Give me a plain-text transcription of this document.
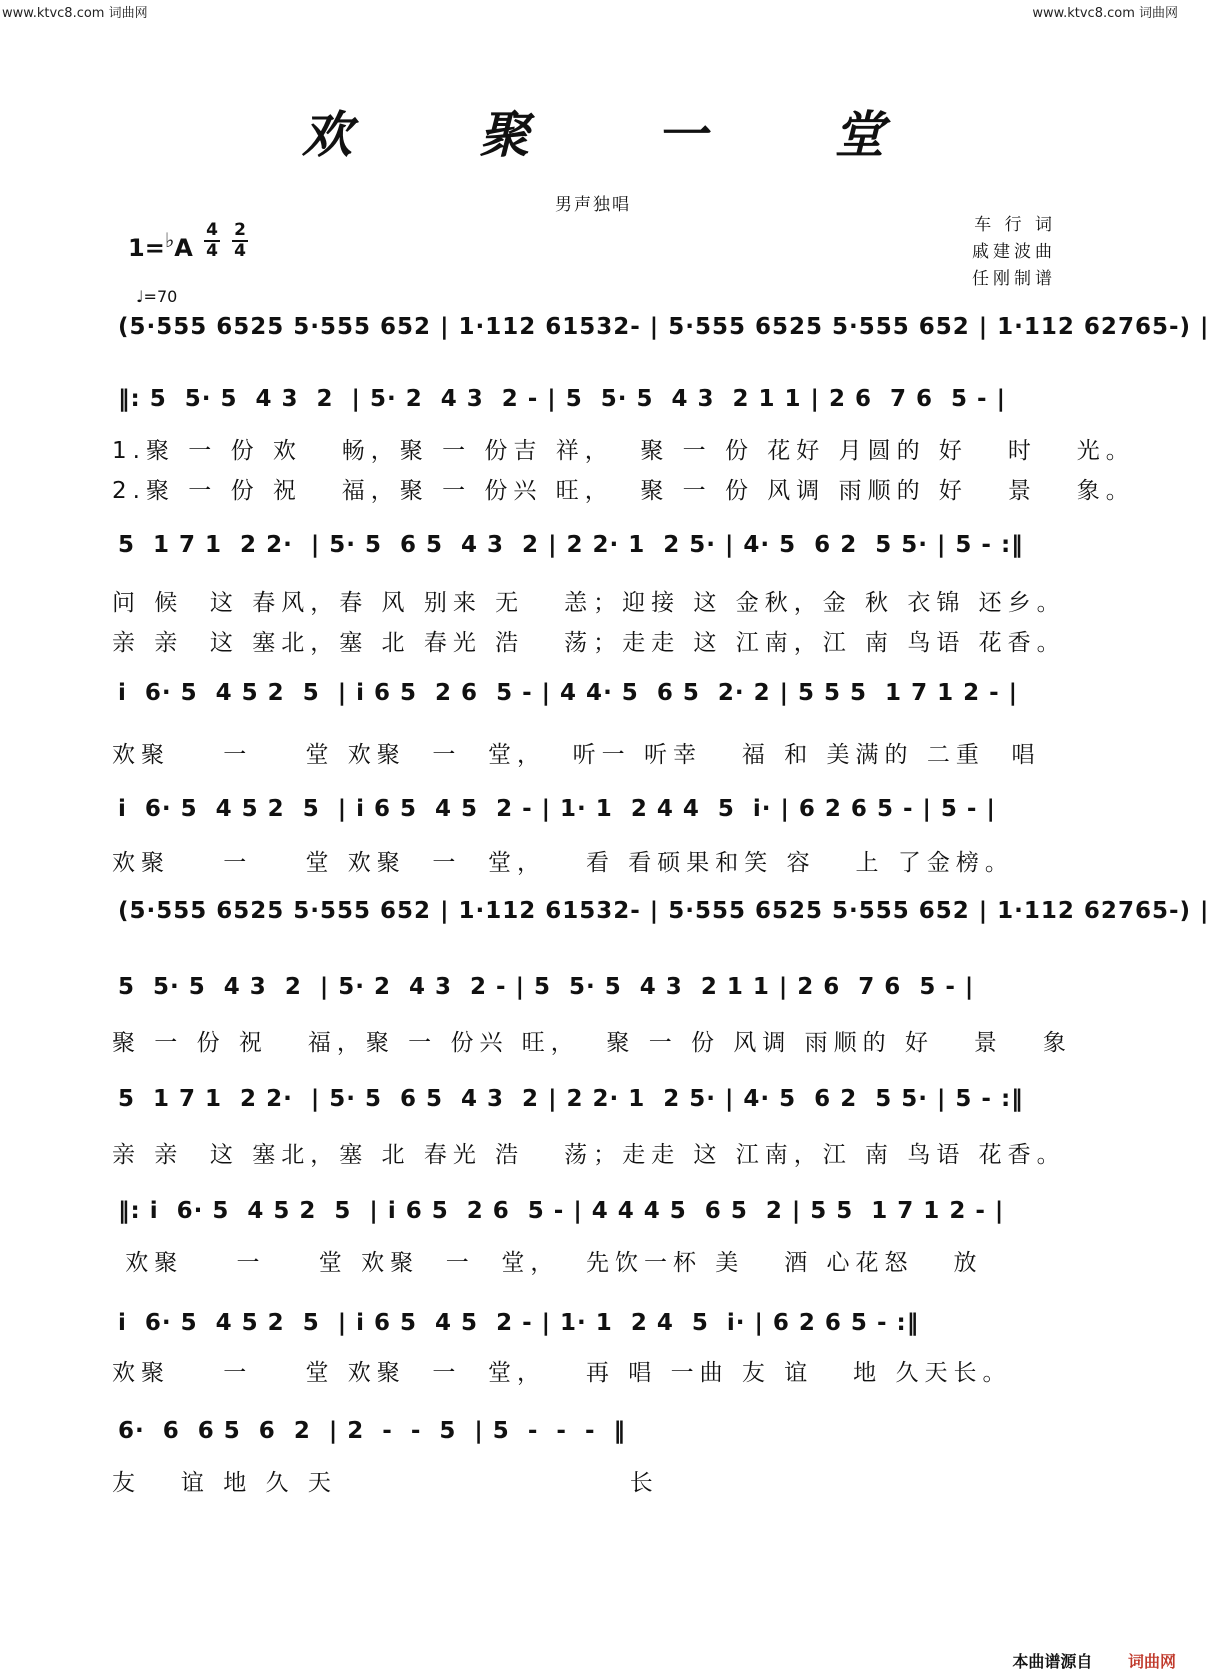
www.ktvc8.com 词曲网	www.ktvc8.com 词曲网
欢 聚 一 堂
男声独唱
车 行 词
戚建波曲
任刚制谱
1=♭A
4
4
2
4
♩=70
(5·555 6525 5·555 652 | 1·112 61532- | 5·555 6525 5·555 652 | 1·112 62765-) |
‖: 5  5· 5  4 3  2  | 5· 2  4 3  2 - | 5  5· 5  4 3  2 1 1 | 2 6  7 6  5 - |
1.聚 一 份 欢   畅，聚 一 份吉 祥，  聚 一 份 花好 月圆的 好   时   光。
2.聚 一 份 祝   福，聚 一 份兴 旺，  聚 一 份 风调 雨顺的 好   景   象。
5  1 7 1  2 2·  | 5· 5  6 5  4 3  2 | 2 2· 1  2 5· | 4· 5  6 2  5 5· | 5 - :‖
问 候  这 春风，春 风 别来 无   恙；迎接 这 金秋，金 秋 衣锦 还乡。
亲 亲  这 塞北，塞 北 春光 浩   荡；走走 这 江南，江 南 鸟语 花香。
i  6· 5  4 5 2  5  | i 6 5  2 6  5 - | 4 4· 5  6 5  2· 2 | 5 5 5  1 7 1 2 - |
欢聚    一    堂 欢聚  一  堂，  听一 听幸   福 和 美满的 二重  唱
i  6· 5  4 5 2  5  | i 6 5  4 5  2 - | 1· 1  2 4 4  5  i· | 6 2 6 5 - | 5 - |
欢聚    一    堂 欢聚  一  堂，   看 看硕果和笑 容   上 了金榜。
(5·555 6525 5·555 652 | 1·112 61532- | 5·555 6525 5·555 652 | 1·112 62765-) |
5  5· 5  4 3  2  | 5· 2  4 3  2 - | 5  5· 5  4 3  2 1 1 | 2 6  7 6  5 - |
聚 一 份 祝   福，聚 一 份兴 旺，  聚 一 份 风调 雨顺的 好   景   象
5  1 7 1  2 2·  | 5· 5  6 5  4 3  2 | 2 2· 1  2 5· | 4· 5  6 2  5 5· | 5 - :‖
亲 亲  这 塞北，塞 北 春光 浩   荡；走走 这 江南，江 南 鸟语 花香。
‖: i  6· 5  4 5 2  5  | i 6 5  2 6  5 - | 4 4 4 5  6 5  2 | 5 5  1 7 1 2 - |
欢聚    一    堂 欢聚  一  堂，  先饮一杯 美   酒 心花怒   放
i  6· 5  4 5 2  5  | i 6 5  4 5  2 - | 1· 1  2 4  5  i· | 6 2 6 5 - :‖
欢聚    一    堂 欢聚  一  堂，   再 唱 一曲 友 谊   地 久天长。
6·  6  6 5  6  2  | 2  -  -  5  | 5  -  -  -  ‖
友   谊 地 久 天                      长
本曲谱源自 词曲网
